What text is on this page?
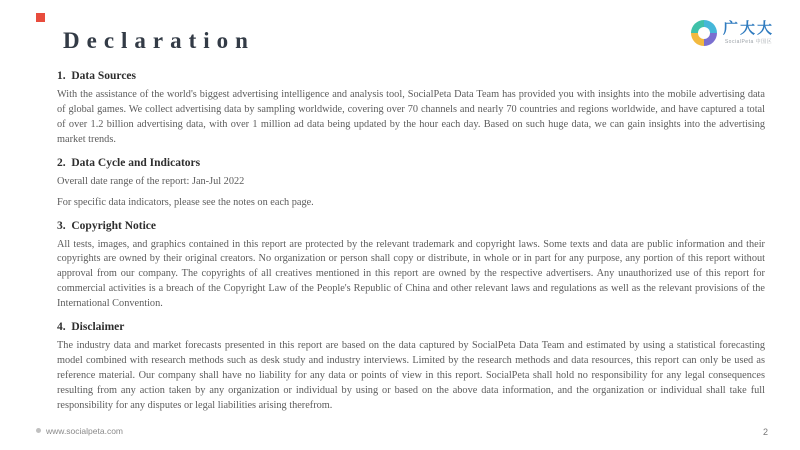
Declaration	广大大
SocialPeta 中国区
1.  Data Sources

With the assistance of the world's biggest advertising intelligence and analysis tool, SocialPeta Data Team has provided you with insights into the mobile advertising data of global games. We collect advertising data by sampling worldwide, covering over 70 channels and nearly 70 countries and regions worldwide, and have captured a total of over 1.2 billion advertising data, with over 1 million ad data being updated by the hour each day. Based on such huge data, we can gain insights into the advertising market trends.

2.  Data Cycle and Indicators

Overall date range of the report: Jan-Jul 2022

For specific data indicators, please see the notes on each page.

3.  Copyright Notice

All tests, images, and graphics contained in this report are protected by the relevant trademark and copyright laws. Some texts and data are public information and their copyrights are owned by their original creators. No organization or person shall copy or distribute, in whole or in part for any purpose, any portion of this report without approval from our company. The copyrights of all creatives mentioned in this report are owned by the respective advertisers. Any unauthorized use of this report for commercial activities is a breach of the Copyright Law of the People's Republic of China and other relevant laws and regulations as well as the relevant provisions of the International Convention.

4.  Disclaimer

The industry data and market forecasts presented in this report are based on the data captured by SocialPeta Data Team and estimated by using a statistical forecasting model combined with research methods such as desk study and industry interviews. Limited by the research methods and data resources, this report can only be used as reference material. Our company shall have no liability for any data or points of view in this report. SocialPeta shall hold no responsibility for any legal consequences resulting from any action taken by any organization or individual by using or based on the above data information, and the organization or individual shall take full responsibility for any disputes or legal liabilities arising therefrom.

www.socialpeta.com	2
